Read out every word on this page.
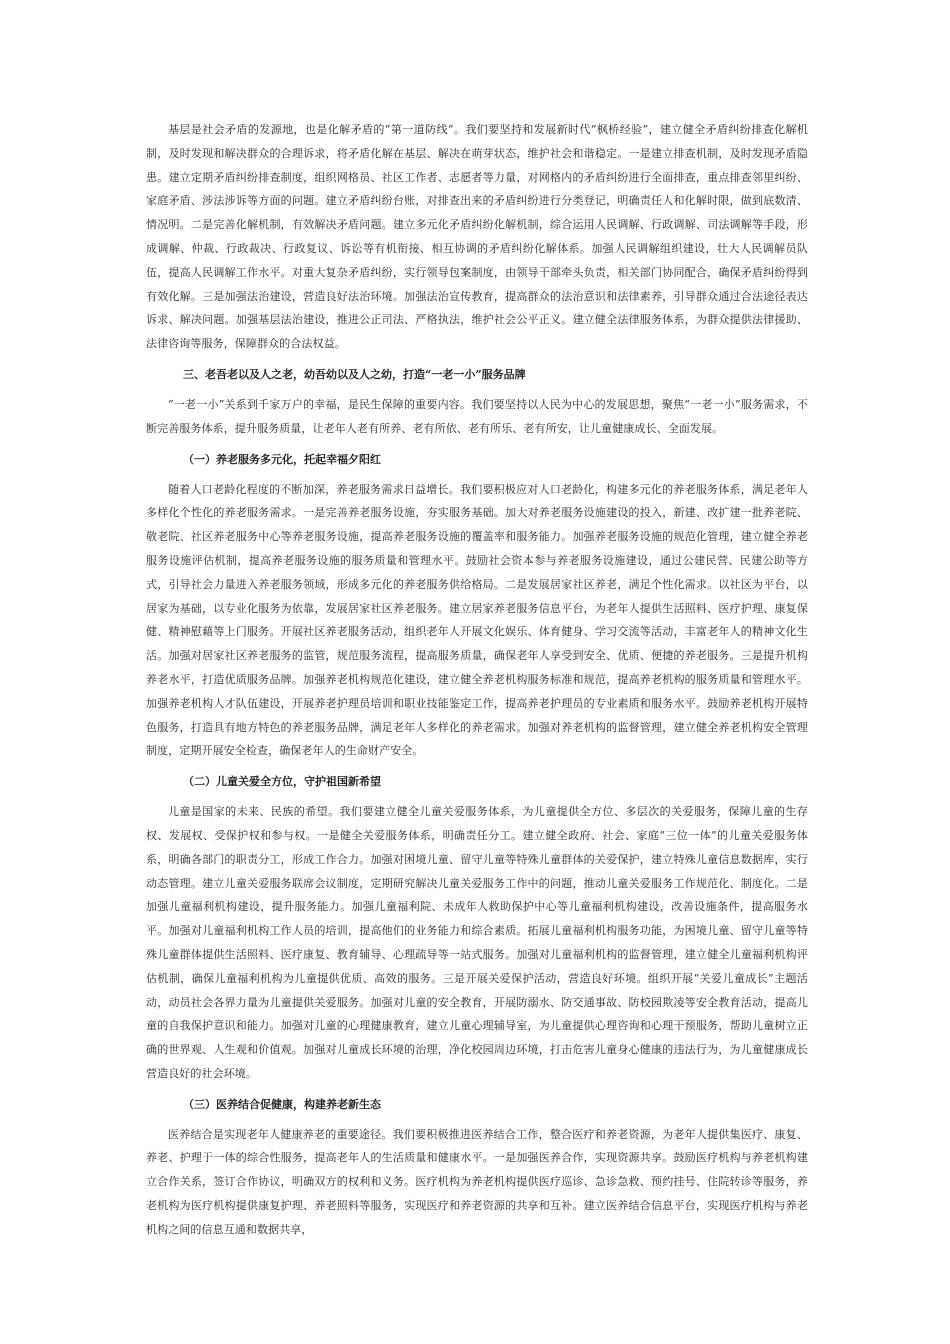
基层是社会矛盾的发源地，也是化解矛盾的“第一道防线”。我们要坚持和发展新时代“枫桥经验”，建立健全矛盾纠纷排查化解机制，及时发现和解决群众的合理诉求，将矛盾化解在基层、解决在萌芽状态，维护社会和谐稳定。一是建立排查机制，及时发现矛盾隐患。建立定期矛盾纠纷排查制度，组织网格员、社区工作者、志愿者等力量，对网格内的矛盾纠纷进行全面排查，重点排查邻里纠纷、家庭矛盾、涉法涉诉等方面的问题。建立矛盾纠纷台账，对排查出来的矛盾纠纷进行分类登记，明确责任人和化解时限，做到底数清、情况明。二是完善化解机制，有效解决矛盾问题。建立多元化矛盾纠纷化解机制，综合运用人民调解、行政调解、司法调解等手段，形成调解、仲裁、行政裁决、行政复议、诉讼等有机衔接、相互协调的矛盾纠纷化解体系。加强人民调解组织建设，壮大人民调解员队伍，提高人民调解工作水平。对重大复杂矛盾纠纷，实行领导包案制度，由领导干部牵头负责，相关部门协同配合，确保矛盾纠纷得到有效化解。三是加强法治建设，营造良好法治环境。加强法治宣传教育，提高群众的法治意识和法律素养，引导群众通过合法途径表达诉求、解决问题。加强基层法治建设，推进公正司法、严格执法，维护社会公平正义。建立健全法律服务体系，为群众提供法律援助、法律咨询等服务，保障群众的合法权益。

三、老吾老以及人之老，幼吾幼以及人之幼，打造“一老一小”服务品牌

“一老一小”关系到千家万户的幸福，是民生保障的重要内容。我们要坚持以人民为中心的发展思想，聚焦“一老一小”服务需求，不断完善服务体系，提升服务质量，让老年人老有所养、老有所依、老有所乐、老有所安，让儿童健康成长、全面发展。

（一）养老服务多元化，托起幸福夕阳红

随着人口老龄化程度的不断加深，养老服务需求日益增长。我们要积极应对人口老龄化，构建多元化的养老服务体系，满足老年人多样化个性化的养老服务需求。一是完善养老服务设施，夯实服务基础。加大对养老服务设施建设的投入，新建、改扩建一批养老院、敬老院、社区养老服务中心等养老服务设施，提高养老服务设施的覆盖率和服务能力。加强养老服务设施的规范化管理，建立健全养老服务设施评估机制，提高养老服务设施的服务质量和管理水平。鼓励社会资本参与养老服务设施建设，通过公建民营、民建公助等方式，引导社会力量进入养老服务领域，形成多元化的养老服务供给格局。二是发展居家社区养老，满足个性化需求。以社区为平台，以居家为基础，以专业化服务为依靠，发展居家社区养老服务。建立居家养老服务信息平台，为老年人提供生活照料、医疗护理、康复保健、精神慰藉等上门服务。开展社区养老服务活动，组织老年人开展文化娱乐、体育健身、学习交流等活动，丰富老年人的精神文化生活。加强对居家社区养老服务的监管，规范服务流程，提高服务质量，确保老年人享受到安全、优质、便捷的养老服务。三是提升机构养老水平，打造优质服务品牌。加强养老机构规范化建设，建立健全养老机构服务标准和规范，提高养老机构的服务质量和管理水平。加强养老机构人才队伍建设，开展养老护理员培训和职业技能鉴定工作，提高养老护理员的专业素质和服务水平。鼓励养老机构开展特色服务，打造具有地方特色的养老服务品牌，满足老年人多样化的养老需求。加强对养老机构的监督管理，建立健全养老机构安全管理制度，定期开展安全检查，确保老年人的生命财产安全。

（二）儿童关爱全方位，守护祖国新希望

儿童是国家的未来、民族的希望。我们要建立健全儿童关爱服务体系，为儿童提供全方位、多层次的关爱服务，保障儿童的生存权、发展权、受保护权和参与权。一是健全关爱服务体系，明确责任分工。建立健全政府、社会、家庭“三位一体”的儿童关爱服务体系，明确各部门的职责分工，形成工作合力。加强对困境儿童、留守儿童等特殊儿童群体的关爱保护，建立特殊儿童信息数据库，实行动态管理。建立儿童关爱服务联席会议制度，定期研究解决儿童关爱服务工作中的问题，推动儿童关爱服务工作规范化、制度化。二是加强儿童福利机构建设，提升服务能力。加强儿童福利院、未成年人救助保护中心等儿童福利机构建设，改善设施条件，提高服务水平。加强对儿童福利机构工作人员的培训，提高他们的业务能力和综合素质。拓展儿童福利机构服务功能，为困境儿童、留守儿童等特殊儿童群体提供生活照料、医疗康复、教育辅导、心理疏导等一站式服务。加强对儿童福利机构的监督管理，建立健全儿童福利机构评估机制，确保儿童福利机构为儿童提供优质、高效的服务。三是开展关爱保护活动，营造良好环境。组织开展“关爱儿童成长”主题活动，动员社会各界力量为儿童提供关爱服务。加强对儿童的安全教育，开展防溺水、防交通事故、防校园欺凌等安全教育活动，提高儿童的自我保护意识和能力。加强对儿童的心理健康教育，建立儿童心理辅导室，为儿童提供心理咨询和心理干预服务，帮助儿童树立正确的世界观、人生观和价值观。加强对儿童成长环境的治理，净化校园周边环境，打击危害儿童身心健康的违法行为，为儿童健康成长营造良好的社会环境。

（三）医养结合促健康，构建养老新生态

医养结合是实现老年人健康养老的重要途径。我们要积极推进医养结合工作，整合医疗和养老资源，为老年人提供集医疗、康复、养老、护理于一体的综合性服务，提高老年人的生活质量和健康水平。一是加强医养合作，实现资源共享。鼓励医疗机构与养老机构建立合作关系，签订合作协议，明确双方的权利和义务。医疗机构为养老机构提供医疗巡诊、急诊急救、预约挂号、住院转诊等服务，养老机构为医疗机构提供康复护理、养老照料等服务，实现医疗和养老资源的共享和互补。建立医养结合信息平台，实现医疗机构与养老机构之间的信息互通和数据共享，
